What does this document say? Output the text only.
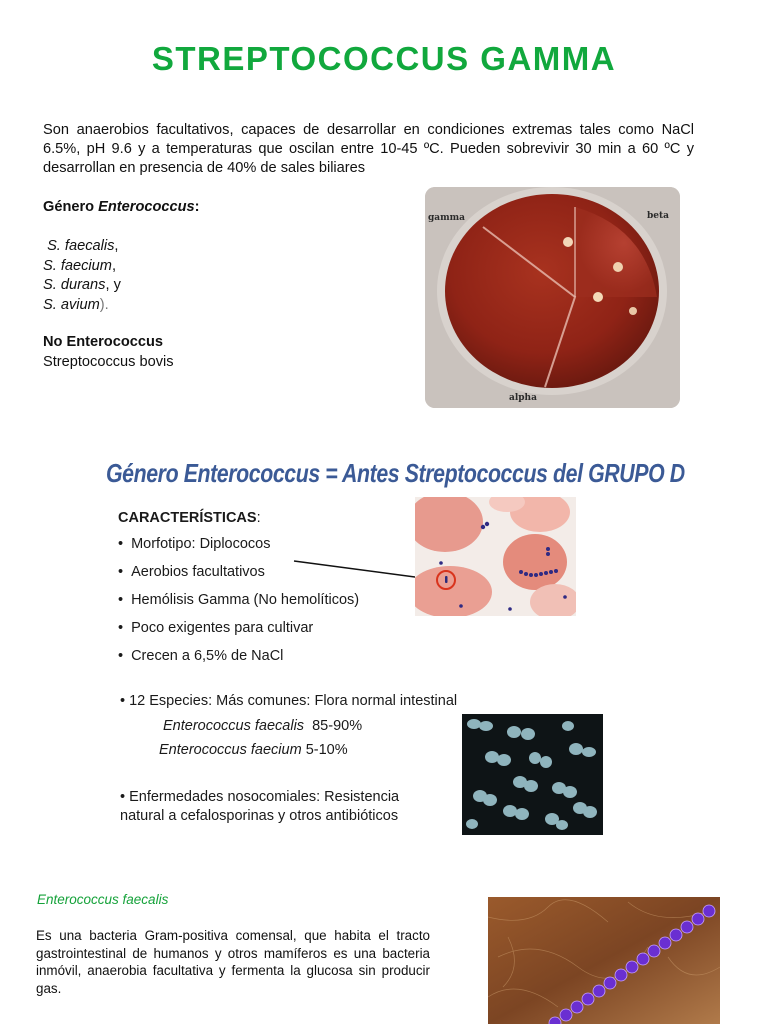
STREPTOCOCCUS GAMMA
Son anaerobios facultativos, capaces de desarrollar en condiciones extremas tales como NaCl 6.5%, pH 9.6 y a temperaturas que oscilan entre 10-45 ºC. Pueden sobrevivir 30 min a 60 ºC y desarrollan en presencia de 40% de sales biliares
Género Enterococcus:
S. faecalis,
S. faecium,
S. durans, y
S. avium).
No Enterococcus
Streptococcus bovis
gamma	beta
alpha
Género Enterococcus = Antes Streptococcus del GRUPO D
CARACTERÍSTICAS:
• Morfotipo: Diplococos
• Aerobios facultativos
• Hemólisis Gamma (No hemolíticos)
• Poco exigentes para cultivar
• Crecen a 6,5% de NaCl
• 12 Especies: Más comunes: Flora normal intestinal
Enterococcus faecalis 85-90%
Enterococcus faecium 5-10%
• Enfermedades nosocomiales: Resistencia
natural a cefalosporinas y otros antibióticos
Enterococcus faecalis
Es una bacteria Gram-positiva comensal, que habita el tracto gastrointestinal de humanos y otros mamíferos es una bacteria inmóvil, anaerobia facultativa y fermenta la glucosa sin producir gas.
